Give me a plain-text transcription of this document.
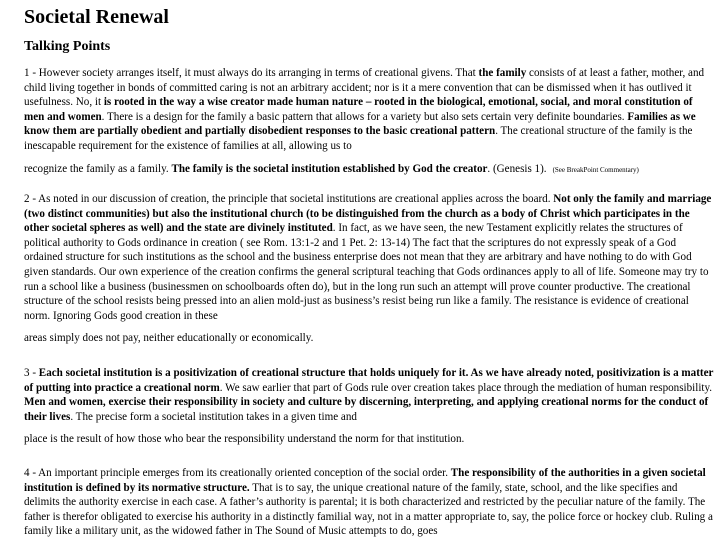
Societal Renewal
Talking Points
1 - However society arranges itself, it must always do its arranging in terms of creational givens. That the family consists of at least a father, mother, and child living together in bonds of committed caring is not an arbitrary accident; nor is it a mere convention that can be dismissed when it has outlived it usefulness. No, it is rooted in the way a wise creator made human nature – rooted in the biological, emotional, social, and moral constitution of men and women. There is a design for the family a basic pattern that allows for a variety but also sets certain very definite boundaries. Families as we know them are partially obedient and partially disobedient responses to the basic creational pattern. The creational structure of the family is the inescapable requirement for the existence of families at all, allowing us to
recognize the family as a family. The family is the societal institution established by God the creator. (Genesis 1). (See BreakPoint Commentary)
2 - As noted in our discussion of creation, the principle that societal institutions are creational applies across the board. Not only the family and marriage (two distinct communities) but also the institutional church (to be distinguished from the church as a body of Christ which participates in the other societal spheres as well) and the state are divinely instituted. In fact, as we have seen, the new Testament explicitly relates the structures of political authority to Gods ordinance in creation ( see Rom. 13:1-2 and 1 Pet. 2: 13-14) The fact that the scriptures do not expressly speak of a God ordained structure for such institutions as the school and the business enterprise does not mean that they are arbitrary and have nothing to do with God given standards. Our own experience of the creation confirms the general scriptural teaching that Gods ordinances apply to all of life. Someone may try to run a school like a business (businessmen on schoolboards often do), but in the long run such an attempt will prove counter productive. The creational structure of the school resists being pressed into an alien mold-just as business’s resist being run like a family. The resistance is evidence of creational norm. Ignoring Gods good creation in these
areas simply does not pay, neither educationally or economically.
3 - Each societal institution is a positivization of creational structure that holds uniquely for it. As we have already noted, positivization is a matter of putting into practice a creational norm. We saw earlier that part of Gods rule over creation takes place through the mediation of human responsibility. Men and women, exercise their responsibility in society and culture by discerning, interpreting, and applying creational norms for the conduct of their lives. The precise form a societal institution takes in a given time and
place is the result of how those who bear the responsibility understand the norm for that institution.
4 - An important principle emerges from its creationally oriented conception of the social order. The responsibility of the authorities in a given societal institution is defined by its normative structure. That is to say, the unique creational nature of the family, state, school, and the like specifies and delimits the authority exercise in each case. A father’s authority is parental; it is both characterized and restricted by the peculiar nature of the family. The father is therefor obligated to exercise his authority in a distinctly familial way, not in a matter appropriate to, say, the police force or hockey club. Ruling a family like a military unit, as the widowed father in The Sound of Music attempts to do, goes
